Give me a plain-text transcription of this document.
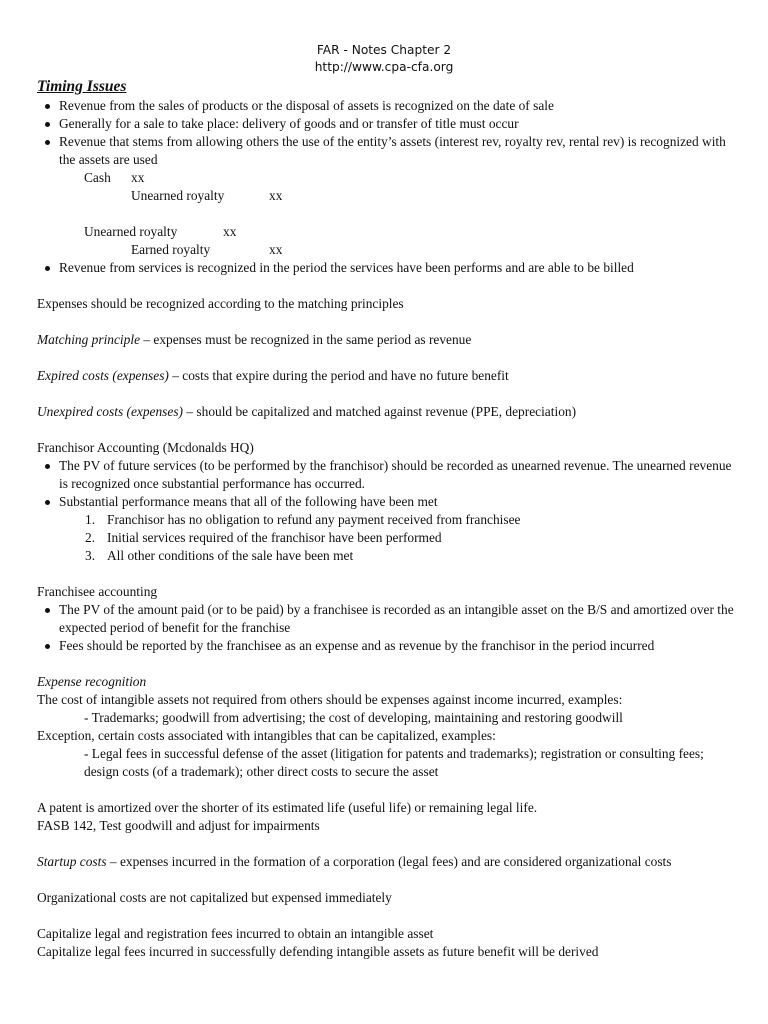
FAR - Notes Chapter 2
http://www.cpa-cfa.org
Timing Issues
Revenue from the sales of products or the disposal of assets is recognized on the date of sale
Generally for a sale to take place: delivery of goods and or transfer of title must occur
Revenue that stems from allowing others the use of the entity’s assets (interest rev, royalty rev, rental rev) is recognized with the assets are used
Cash xx
Unearned royalty	xx
Unearned royalty	xx
Earned royalty	xx
Revenue from services is recognized in the period the services have been performs and are able to be billed

Expenses should be recognized according to the matching principles

Matching principle – expenses must be recognized in the same period as revenue

Expired costs (expenses) – costs that expire during the period and have no future benefit

Unexpired costs (expenses) – should be capitalized and matched against revenue (PPE, depreciation)

Franchisor Accounting (Mcdonalds HQ)

The PV of future services (to be performed by the franchisor) should be recorded as unearned revenue. The unearned revenue is recognized once substantial performance has occurred.
Substantial performance means that all of the following have been met
Franchisor has no obligation to refund any payment received from franchisee
Initial services required of the franchisor have been performed
All other conditions of the sale have been met

Franchisee accounting

The PV of the amount paid (or to be paid) by a franchisee is recorded as an intangible asset on the B/S and amortized over the expected period of benefit for the franchise
Fees should be reported by the franchisee as an expense and as revenue by the franchisor in the period incurred

Expense recognition

The cost of intangible assets not required from others should be expenses against income incurred, examples:

- Trademarks; goodwill from advertising; the cost of developing, maintaining and restoring goodwill

Exception, certain costs associated with intangibles that can be capitalized, examples:

- Legal fees in successful defense of the asset (litigation for patents and trademarks); registration or consulting fees; design costs (of a trademark); other direct costs to secure the asset

A patent is amortized over the shorter of its estimated life (useful life) or remaining legal life.

FASB 142, Test goodwill and adjust for impairments

Startup costs – expenses incurred in the formation of a corporation (legal fees) and are considered organizational costs

Organizational costs are not capitalized but expensed immediately

Capitalize legal and registration fees incurred to obtain an intangible asset

Capitalize legal fees incurred in successfully defending intangible assets as future benefit will be derived
